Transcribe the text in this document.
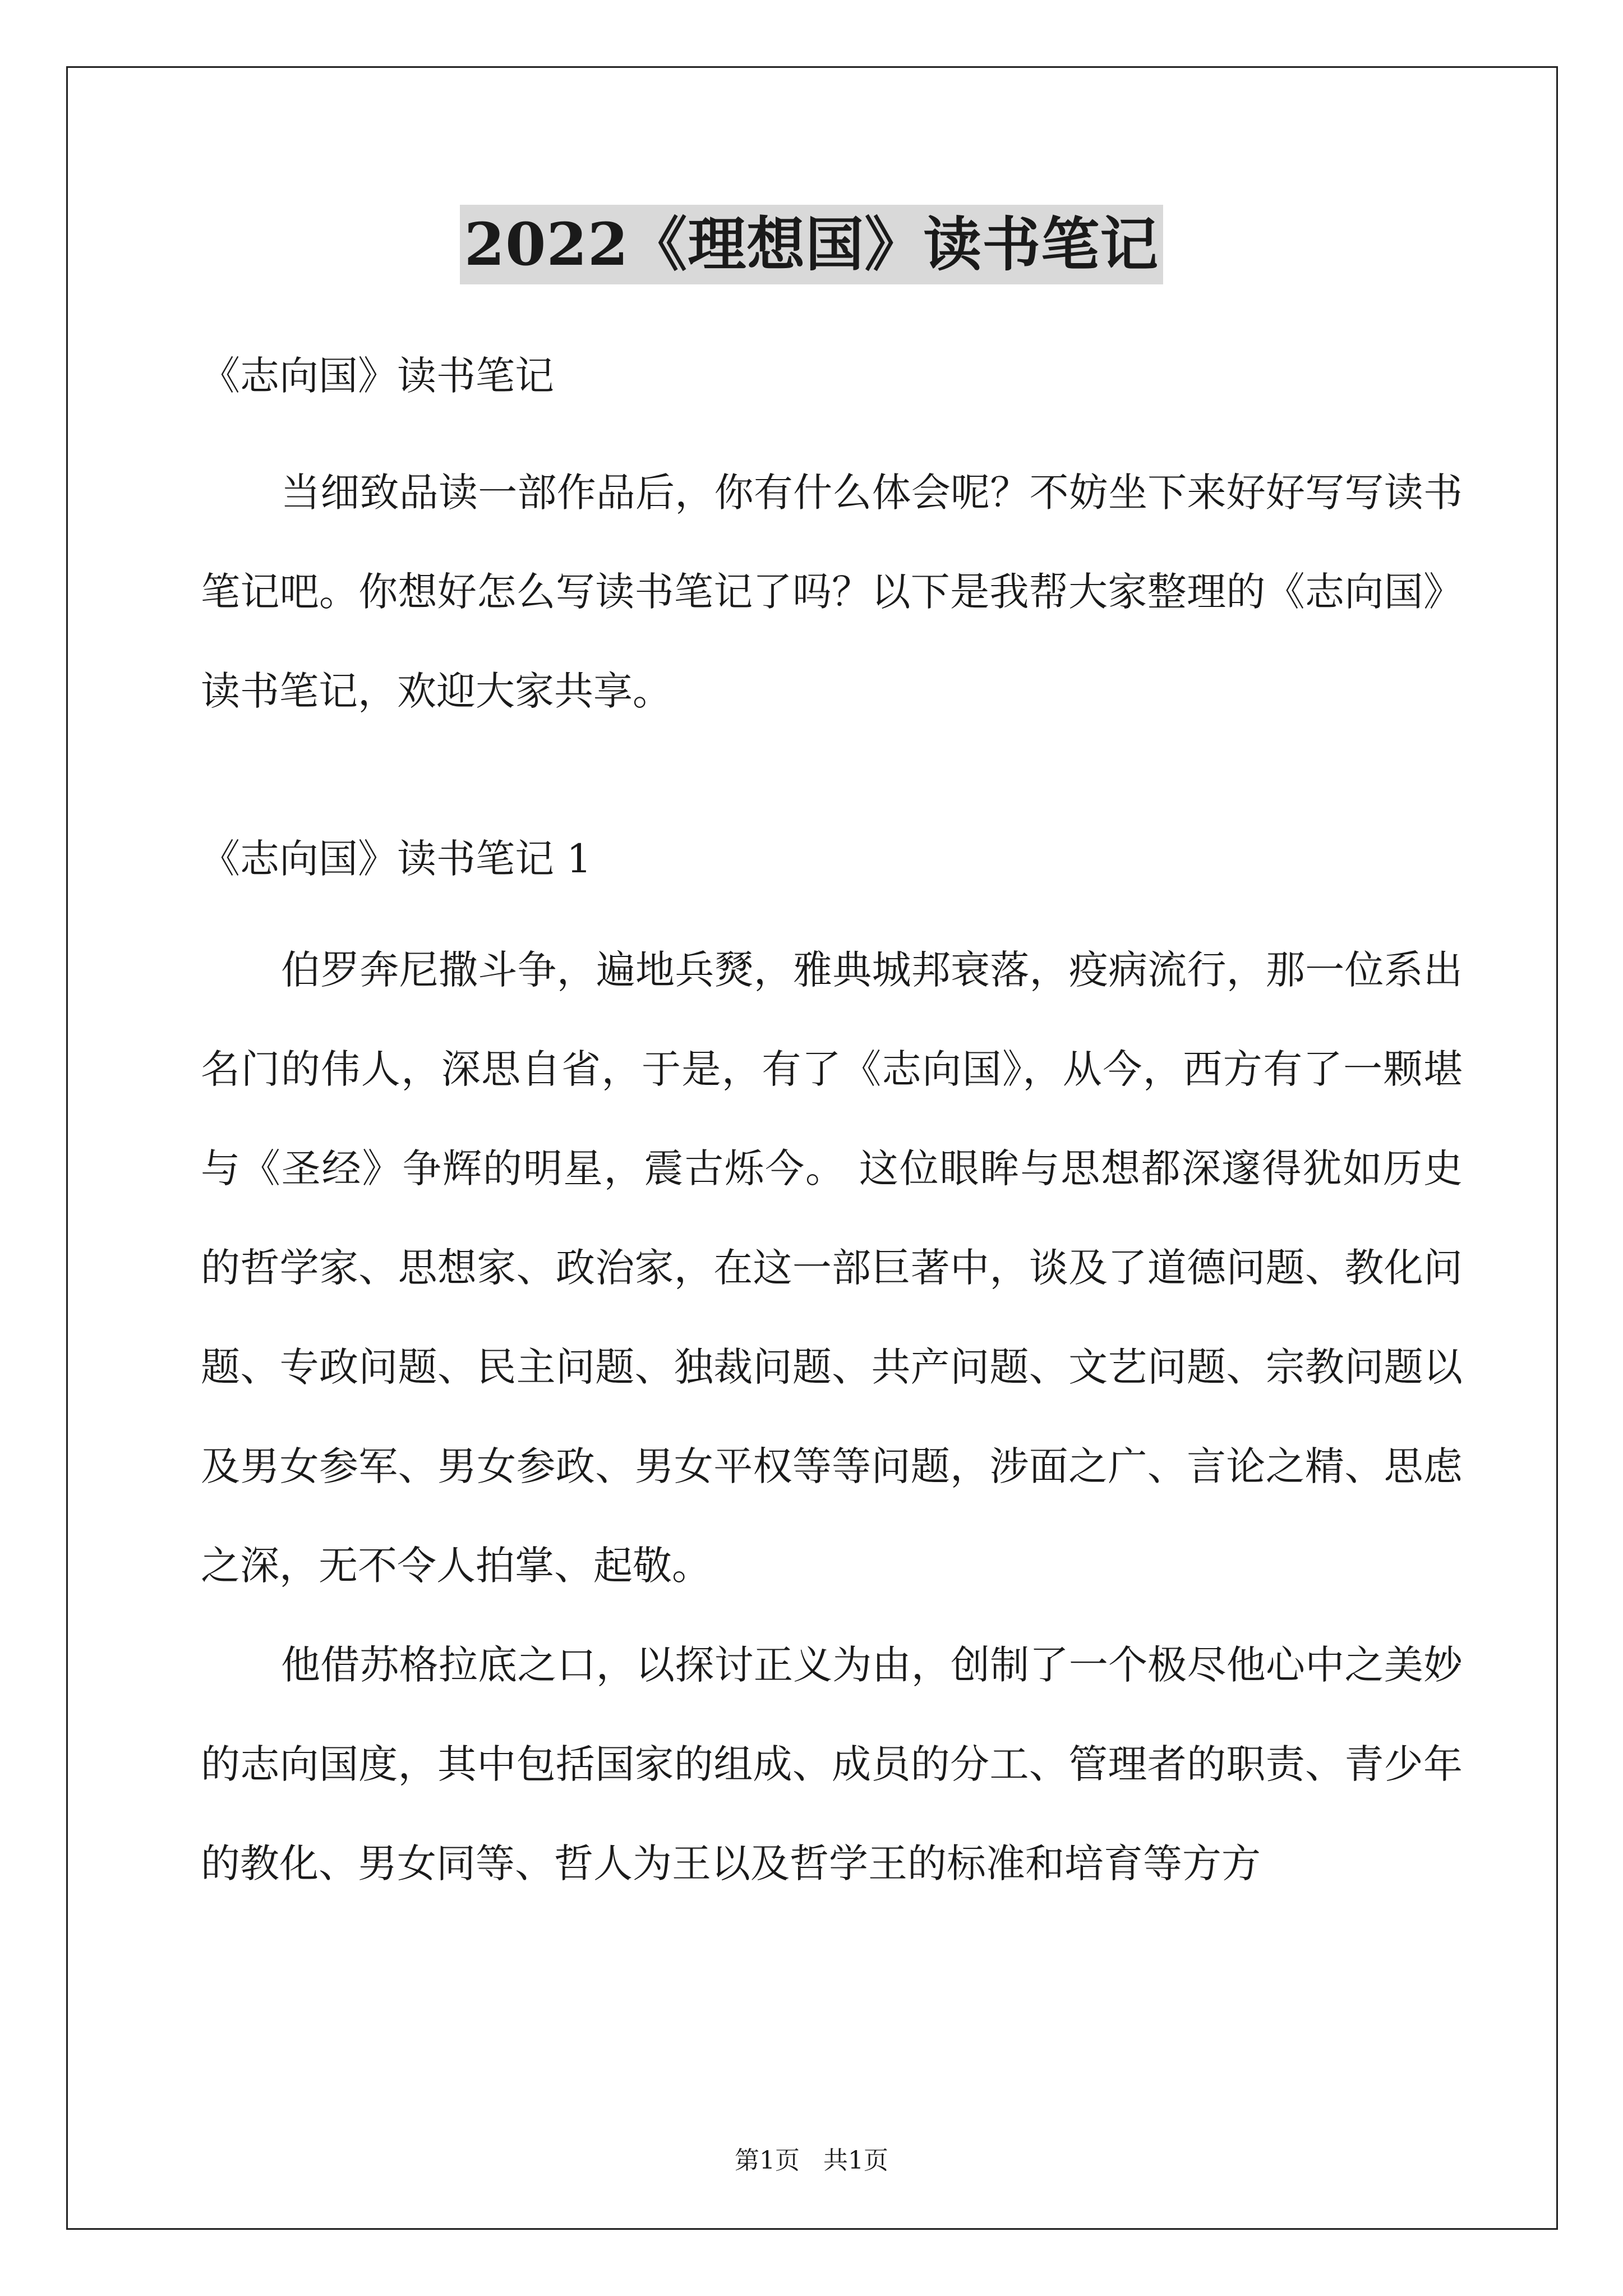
2022《理想国》读书笔记

《志向国》读书笔记

当细致品读一部作品后，你有什么体会呢？不妨坐下来好好写写读书笔记吧。你想好怎么写读书笔记了吗？以下是我帮大家整理的《志向国》读书笔记，欢迎大家共享。

《志向国》读书笔记 1

伯罗奔尼撒斗争，遍地兵燹，雅典城邦衰落，疫病流行，那一位系出名门的伟人，深思自省，于是，有了《志向国》，从今，西方有了一颗堪与《圣经》争辉的明星，震古烁今。 这位眼眸与思想都深邃得犹如历史的哲学家、思想家、政治家，在这一部巨著中，谈及了道德问题、教化问题、专政问题、民主问题、独裁问题、共产问题、文艺问题、宗教问题以及男女参军、男女参政、男女平权等等问题，涉面之广、言论之精、思虑之深，无不令人拍掌、起敬。

他借苏格拉底之口，以探讨正义为由，创制了一个极尽他心中之美妙的志向国度，其中包括国家的组成、成员的分工、管理者的职责、青少年的教化、男女同等、哲人为王以及哲学王的标准和培育等方方

第1页 共1页
